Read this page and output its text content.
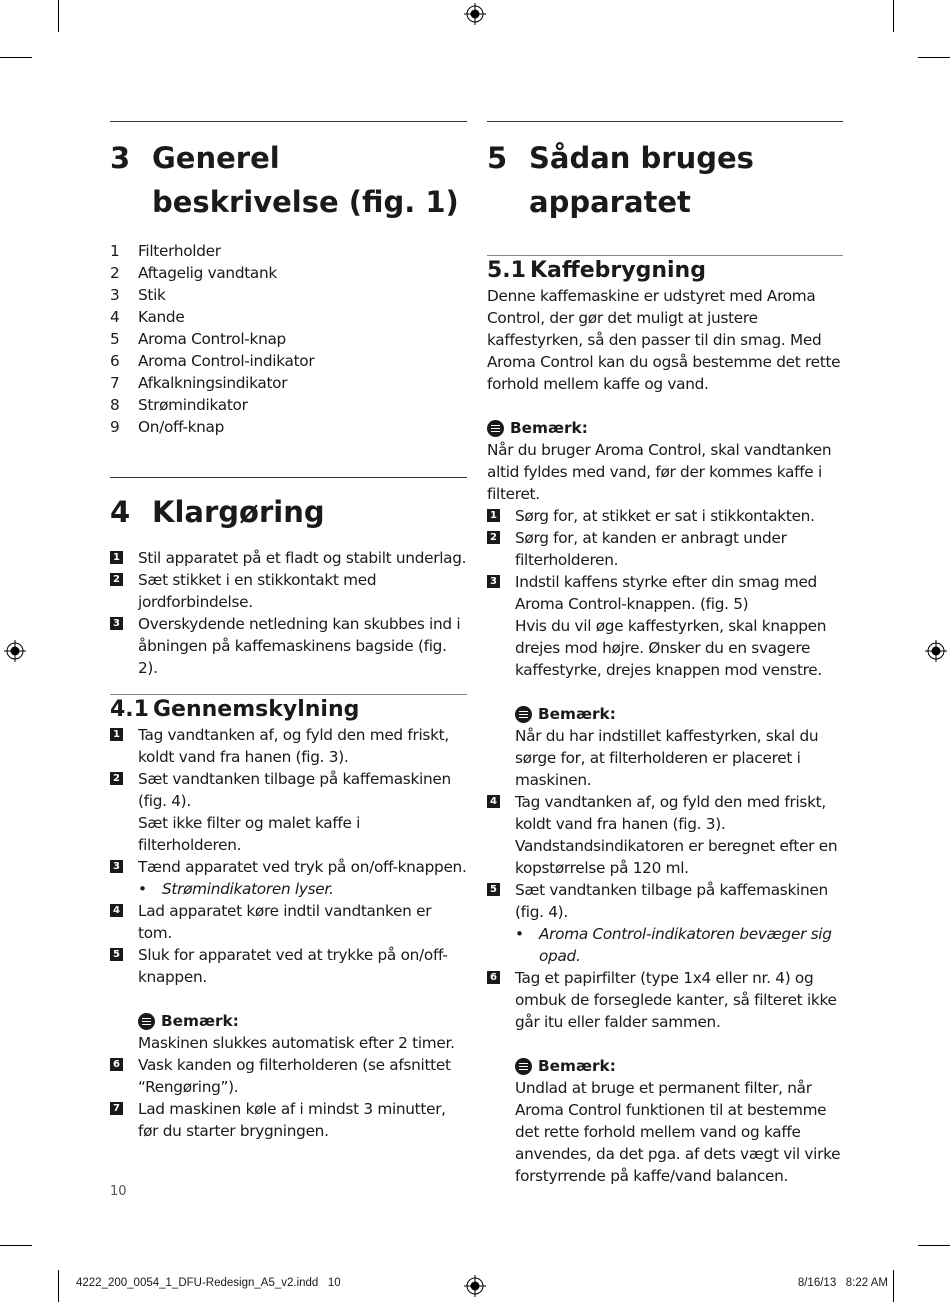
3 Generel
beskrivelse (fig. 1)
1	Filterholder
2	Aftagelig vandtank
3	Stik
4	Kande
5	Aroma Control-knap
6	Aroma Control-indikator
7	Afkalkningsindikator
8	Strømindikator
9	On/off-knap
4 Klargøring
1 Stil apparatet på et fladt og stabilt underlag.
2 Sæt stikket i en stikkontakt med jordforbindelse.
3 Overskydende netledning kan skubbes ind i åbningen på kaffemaskinens bagside (fig. 2).
4.1 Gennemskylning
1 Tag vandtanken af, og fyld den med friskt, koldt vand fra hanen (fig. 3).
2 Sæt vandtanken tilbage på kaffemaskinen (fig. 4).
Sæt ikke filter og malet kaffe i filterholderen.
3 Tænd apparatet ved tryk på on/off-knappen.
• Strømindikatoren lyser.
4 Lad apparatet køre indtil vandtanken er tom.
5 Sluk for apparatet ved at trykke på on/off-knappen.
Bemærk:

Maskinen slukkes automatisk efter 2 timer.

6 Vask kanden og filterholderen (se afsnittet “Rengøring”).
7 Lad maskinen køle af i mindst 3 minutter, før du starter brygningen.
5 Sådan bruges
apparatet
5.1 Kaffebrygning

Denne kaffemaskine er udstyret med Aroma Control, der gør det muligt at justere kaffestyrken, så den passer til din smag. Med Aroma Control kan du også bestemme det rette forhold mellem kaffe og vand.

Bemærk:

Når du bruger Aroma Control, skal vandtanken altid fyldes med vand, før der kommes kaffe i filteret.

1 Sørg for, at stikket er sat i stikkontakten.
2 Sørg for, at kanden er anbragt under filterholderen.
3 Indstil kaffens styrke efter din smag med Aroma Control-knappen. (fig. 5)
Hvis du vil øge kaffestyrken, skal knappen drejes mod højre. Ønsker du en svagere kaffestyrke, drejes knappen mod venstre.
Bemærk:

Når du har indstillet kaffestyrken, skal du sørge for, at filterholderen er placeret i maskinen.

4 Tag vandtanken af, og fyld den med friskt, koldt vand fra hanen (fig. 3).
Vandstandsindikatoren er beregnet efter en kopstørrelse på 120 ml.
5 Sæt vandtanken tilbage på kaffemaskinen (fig. 4).
• Aroma Control-indikatoren bevæger sig opad.
6 Tag et papirfilter (type 1x4 eller nr. 4) og ombuk de forseglede kanter, så filteret ikke går itu eller falder sammen.
Bemærk:

Undlad at bruge et permanent filter, når Aroma Control funktionen til at bestemme det rette forhold mellem vand og kaffe anvendes, da det pga. af dets vægt vil virke forstyrrende på kaffe/vand balancen.

10
4222_200_0054_1_DFU-Redesign_A5_v2.indd   10	8/16/13   8:22 AM
